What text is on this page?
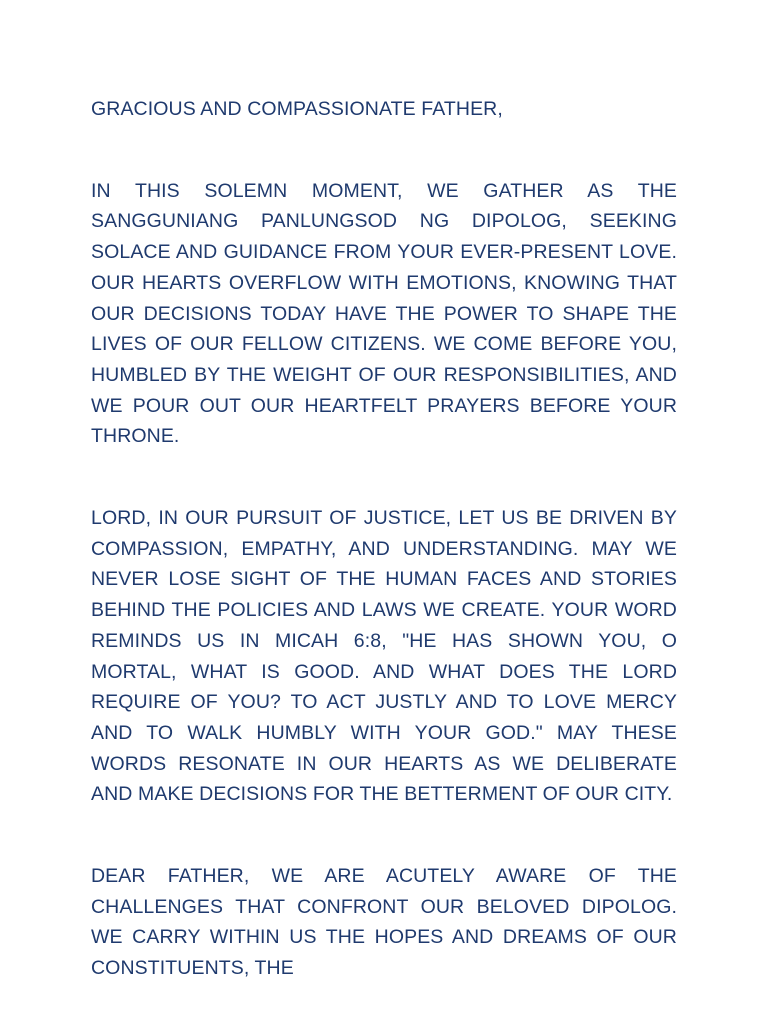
GRACIOUS AND COMPASSIONATE FATHER,

IN THIS SOLEMN MOMENT, WE GATHER AS THE SANGGUNIANG PANLUNGSOD NG DIPOLOG, SEEKING SOLACE AND GUIDANCE FROM YOUR EVER-PRESENT LOVE. OUR HEARTS OVERFLOW WITH EMOTIONS, KNOWING THAT OUR DECISIONS TODAY HAVE THE POWER TO SHAPE THE LIVES OF OUR FELLOW CITIZENS. WE COME BEFORE YOU, HUMBLED BY THE WEIGHT OF OUR RESPONSIBILITIES, AND WE POUR OUT OUR HEARTFELT PRAYERS BEFORE YOUR THRONE.

LORD, IN OUR PURSUIT OF JUSTICE, LET US BE DRIVEN BY COMPASSION, EMPATHY, AND UNDERSTANDING. MAY WE NEVER LOSE SIGHT OF THE HUMAN FACES AND STORIES BEHIND THE POLICIES AND LAWS WE CREATE. YOUR WORD REMINDS US IN MICAH 6:8, "HE HAS SHOWN YOU, O MORTAL, WHAT IS GOOD. AND WHAT DOES THE LORD REQUIRE OF YOU? TO ACT JUSTLY AND TO LOVE MERCY AND TO WALK HUMBLY WITH YOUR GOD." MAY THESE WORDS RESONATE IN OUR HEARTS AS WE DELIBERATE AND MAKE DECISIONS FOR THE BETTERMENT OF OUR CITY.

DEAR FATHER, WE ARE ACUTELY AWARE OF THE CHALLENGES THAT CONFRONT OUR BELOVED DIPOLOG. WE CARRY WITHIN US THE HOPES AND DREAMS OF OUR CONSTITUENTS, THE
